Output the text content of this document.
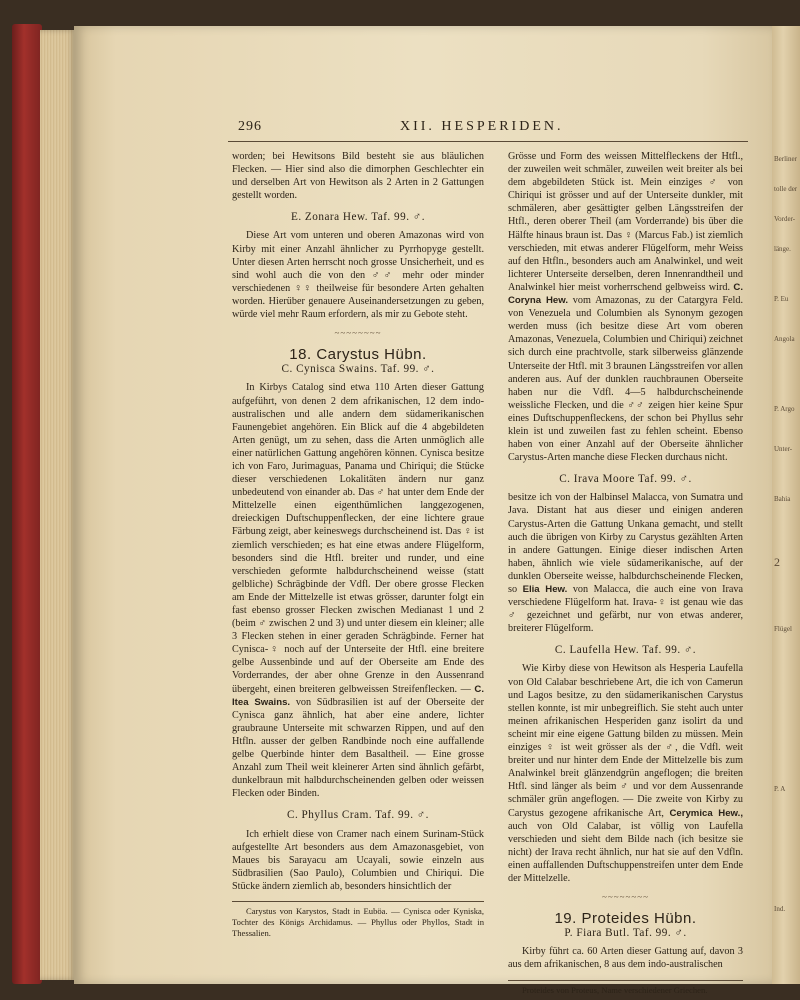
Berliner
tolle der
Vorder-
länge.
P. Eu
Angola
P. Argo
Unter-
Bahia
2
Flügel
P. A
Ind.
296	XII. HESPERIDEN.

worden; bei Hewitsons Bild besteht sie aus bläulichen Flecken. — Hier sind also die dimorphen Geschlechter ein und derselben Art von Hewitson als 2 Arten in 2 Gattungen gestellt worden.

E. Zonara Hew. Taf. 99. ♂.

Diese Art vom unteren und oberen Amazonas wird von Kirby mit einer Anzahl ähnlicher zu Pyrrhopyge gestellt. Unter diesen Arten herrscht noch grosse Unsicherheit, und es sind wohl auch die von den ♂♂ mehr oder minder verschiedenen ♀♀ theilweise für besondere Arten gehalten worden. Hierüber genauere Auseinandersetzungen zu geben, würde viel mehr Raum erfordern, als mir zu Gebote steht.

~~~~~~~~
18. Carystus Hübn.
C. Cynisca Swains. Taf. 99. ♂.

In Kirbys Catalog sind etwa 110 Arten dieser Gattung aufgeführt, von denen 2 dem afrikanischen, 12 dem indo-australischen und alle andern dem südamerikanischen Faunengebiet angehören. Ein Blick auf die 4 abgebildeten Arten genügt, um zu sehen, dass die Arten unmöglich alle einer natürlichen Gattung angehören können. Cynisca besitze ich von Faro, Jurimaguas, Panama und Chiriqui; die Stücke dieser verschiedenen Lokalitäten ändern nur ganz unbedeutend von einander ab. Das ♂ hat unter dem Ende der Mittelzelle einen eigenthümlichen langgezogenen, dreieckigen Duftschuppenflecken, der eine lichtere graue Färbung zeigt, aber keineswegs durchscheinend ist. Das ♀ ist ziemlich verschieden; es hat eine etwas andere Flügelform, besonders sind die Htfl. breiter und runder, und eine verschieden geformte halbdurchscheinend weisse (statt gelbliche) Schrägbinde der Vdfl. Der obere grosse Flecken am Ende der Mittelzelle ist etwas grösser, darunter folgt ein fast ebenso grosser Flecken zwischen Medianast 1 und 2 (beim ♂ zwischen 2 und 3) und unter diesem ein kleiner; alle 3 Flecken stehen in einer geraden Schrägbinde. Ferner hat Cynisca-♀ noch auf der Unterseite der Htfl. eine breitere gelbe Aussenbinde und auf der Oberseite am Ende des Vorderrandes, der aber ohne Grenze in den Aussenrand übergeht, einen breiteren gelbweissen Streifenflecken. — C. Itea Swains. von Südbrasilien ist auf der Oberseite der Cynisca ganz ähnlich, hat aber eine andere, lichter graubraune Unterseite mit schwarzen Rippen, und auf den Htfln. ausser der gelben Randbinde noch eine auffallende gelbe Querbinde hinter dem Basaltheil. — Eine grosse Anzahl zum Theil weit kleinerer Arten sind ähnlich gefärbt, dunkelbraun mit halbdurchscheinenden gelben oder weissen Flecken oder Binden.

C. Phyllus Cram. Taf. 99. ♂.

Ich erhielt diese von Cramer nach einem Surinam-Stück aufgestellte Art besonders aus dem Amazonasgebiet, von Maues bis Sarayacu am Ucayali, sowie einzeln aus Südbrasilien (Sao Paulo), Columbien und Chiriqui. Die Stücke ändern ziemlich ab, besonders hinsichtlich der

Carystus von Karystos, Stadt in Euböa. — Cynisca oder Kyniska, Tochter des Königs Archidamus. — Phyllus oder Phyllos, Stadt in Thessalien.

Grösse und Form des weissen Mittelfleckens der Htfl., der zuweilen weit schmäler, zuweilen weit breiter als bei dem abgebildeten Stück ist. Mein einziges ♂ von Chiriqui ist grösser und auf der Unterseite dunkler, mit schmäleren, aber gesättigter gelben Längsstreifen der Htfl., deren oberer Theil (am Vorderrande) bis über die Hälfte hinaus braun ist. Das ♀ (Marcus Fab.) ist ziemlich verschieden, mit etwas anderer Flügelform, mehr Weiss auf den Htfln., besonders auch am Analwinkel, und weit lichterer Unterseite derselben, deren Innenrandtheil und Analwinkel hier meist vorherrschend gelbweiss wird. C. Coryna Hew. vom Amazonas, zu der Catargyra Feld. von Venezuela und Columbien als Synonym gezogen werden muss (ich besitze diese Art vom oberen Amazonas, Venezuela, Columbien und Chiriqui) zeichnet sich durch eine prachtvolle, stark silberweiss glänzende Unterseite der Htfl. mit 3 braunen Längsstreifen vor allen anderen aus. Auf der dunklen rauchbraunen Oberseite haben nur die Vdfl. 4—5 halbdurchscheinende weissliche Flecken, und die ♂♂ zeigen hier keine Spur eines Duftschuppenfleckens, der schon bei Phyllus sehr klein ist und zuweilen fast zu fehlen scheint. Ebenso haben von einer Anzahl auf der Oberseite ähnlicher Carystus-Arten manche diese Flecken durchaus nicht.

C. Irava Moore Taf. 99. ♂.

besitze ich von der Halbinsel Malacca, von Sumatra und Java. Distant hat aus dieser und einigen anderen Carystus-Arten die Gattung Unkana gemacht, und stellt auch die übrigen von Kirby zu Carystus gezählten Arten in andere Gattungen. Einige dieser indischen Arten haben, ähnlich wie viele südamerikanische, auf der dunklen Oberseite weisse, halbdurchscheinende Flecken, so Elia Hew. von Malacca, die auch eine von Irava verschiedene Flügelform hat. Irava-♀ ist genau wie das ♂ gezeichnet und gefärbt, nur von etwas anderer, breiterer Flügelform.

C. Laufella Hew. Taf. 99. ♂.

Wie Kirby diese von Hewitson als Hesperia Laufella von Old Calabar beschriebene Art, die ich von Camerun und Lagos besitze, zu den südamerikanischen Carystus stellen konnte, ist mir unbegreiflich. Sie steht auch unter meinen afrikanischen Hesperiden ganz isolirt da und scheint mir eine eigene Gattung bilden zu müssen. Mein einziges ♀ ist weit grösser als der ♂, die Vdfl. weit breiter und nur hinter dem Ende der Mittelzelle bis zum Analwinkel breit glänzendgrün angeflogen; die breiten Htfl. sind länger als beim ♂ und vor dem Aussenrande schmäler grün angeflogen. — Die zweite von Kirby zu Carystus gezogene afrikanische Art, Cerymica Hew., auch von Old Calabar, ist völlig von Laufella verschieden und sieht dem Bilde nach (ich besitze sie nicht) der Irava recht ähnlich, nur hat sie auf den Vdfln. einen auffallenden Duftschuppenstreifen unter dem Ende der Mittelzelle.

~~~~~~~~
19. Proteides Hübn.
P. Fiara Butl. Taf. 99. ♂.

Kirby führt ca. 60 Arten dieser Gattung auf, davon 3 aus dem afrikanischen, 8 aus dem indo-australischen

Proteides von Proteus, Name verschiedener Griechen.
